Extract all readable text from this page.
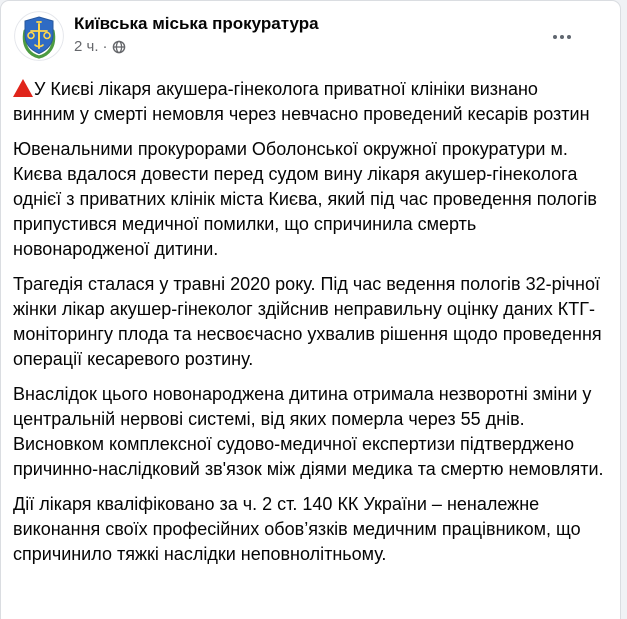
Київська міська прокуратура
2 ч. ·

У Києві лікаря акушера-гінеколога приватної клініки визнано винним у смерті немовля через невчасно проведений кесарів розтин

Ювенальними прокурорами Оболонської окружної прокуратури м. Києва вдалося довести перед судом вину лікаря акушер-гінеколога однієї з приватних клінік міста Києва, який під час проведення пологів припустився медичної помилки, що спричинила смерть новонародженої дитини.

Трагедія сталася у травні 2020 року. Під час ведення пологів 32-річної жінки лікар акушер-гінеколог здійснив неправильну оцінку даних КТГ-моніторингу плода та несвоєчасно ухвалив рішення щодо проведення операції кесаревого розтину.

Внаслідок цього новонароджена дитина отримала незворотні зміни у центральній нервові системі, від яких померла через 55 днів. Висновком комплексної судово-медичної експертизи підтверджено причинно-наслідковий зв'язок між діями медика та смертю немовляти.

Дії лікаря кваліфіковано за ч. 2 ст. 140 КК України – неналежне виконання своїх професійних обов’язків медичним працівником, що спричинило тяжкі наслідки неповнолітньому.
